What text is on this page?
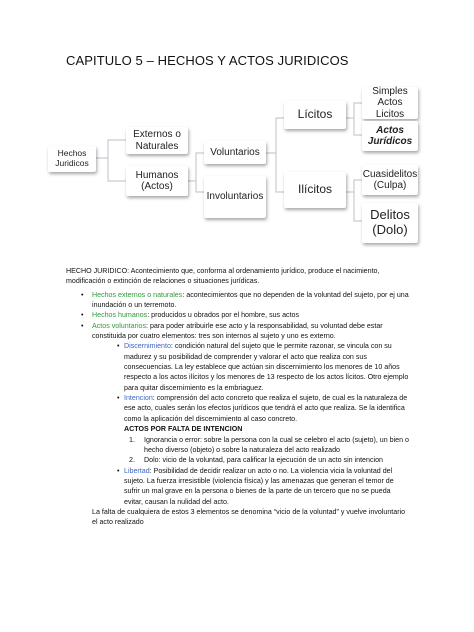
CAPITULO 5 – HECHOS Y ACTOS JURIDICOS
Hechos
Juridicos
Externos o
Naturales
Humanos
(Actos)
Voluntarios
Involuntarios
Lícitos
Ilícitos
Simples
Actos Licitos
Actos
Jurídicos
Cuasidelitos
(Culpa)
Delitos
(Dolo)

HECHO JURIDICO: Acontecimiento que, conforma al ordenamiento jurídico, produce el nacimiento, modificación o extinción de relaciones o situaciones jurídicas.

• Hechos externos o naturales: acontecimientos que no dependen de la voluntad del sujeto, por ej una inundación o un terremoto.
• Hechos humanos: producidos u obrados por el hombre, sus actos
• Actos voluntarios: para poder atribuirle ese acto y la responsabilidad, su voluntad debe estar constituida por cuatro elementos: tres son internos al sujeto y uno es externo.
• Discernimiento: condición natural del sujeto que le permite razonar, se vincula con su madurez y su posibilidad de comprender y valorar el acto que realiza con sus consecuencias. La ley establece que actúan sin discernimiento los menores de 10 años respecto a los actos ilícitos y los menores de 13 respecto de los actos lícitos. Otro ejemplo para quitar discernimiento es la embriaguez.
• Intencion: comprensión del acto concreto que realiza el sujeto, de cual es la naturaleza de ese acto, cuales serán los efectos jurídicos que tendrá el acto que realiza. Se la identifica como la aplicación del discernimiento al caso concreto.

ACTOS POR FALTA DE INTENCION

1. Ignorancia o error: sobre la persona con la cual se celebro el acto (sujeto), un bien o hecho diverso (objeto) o sobre la naturaleza del acto realizado
2. Dolo: vicio de la voluntad, para calificar la ejecución de un acto sin intencion
• Libertad: Posibilidad de decidir realizar un acto o no. La violencia vicia la voluntad del sujeto. La fuerza irresistible (violencia física) y las amenazas que generan el temor de sufrir un mal grave en la persona o bienes de la parte de un tercero que no se pueda evitar, causan la nulidad del acto.

La falta de cualquiera de estos 3 elementos se denomina “vicio de la voluntad” y vuelve involuntario el acto realizado
